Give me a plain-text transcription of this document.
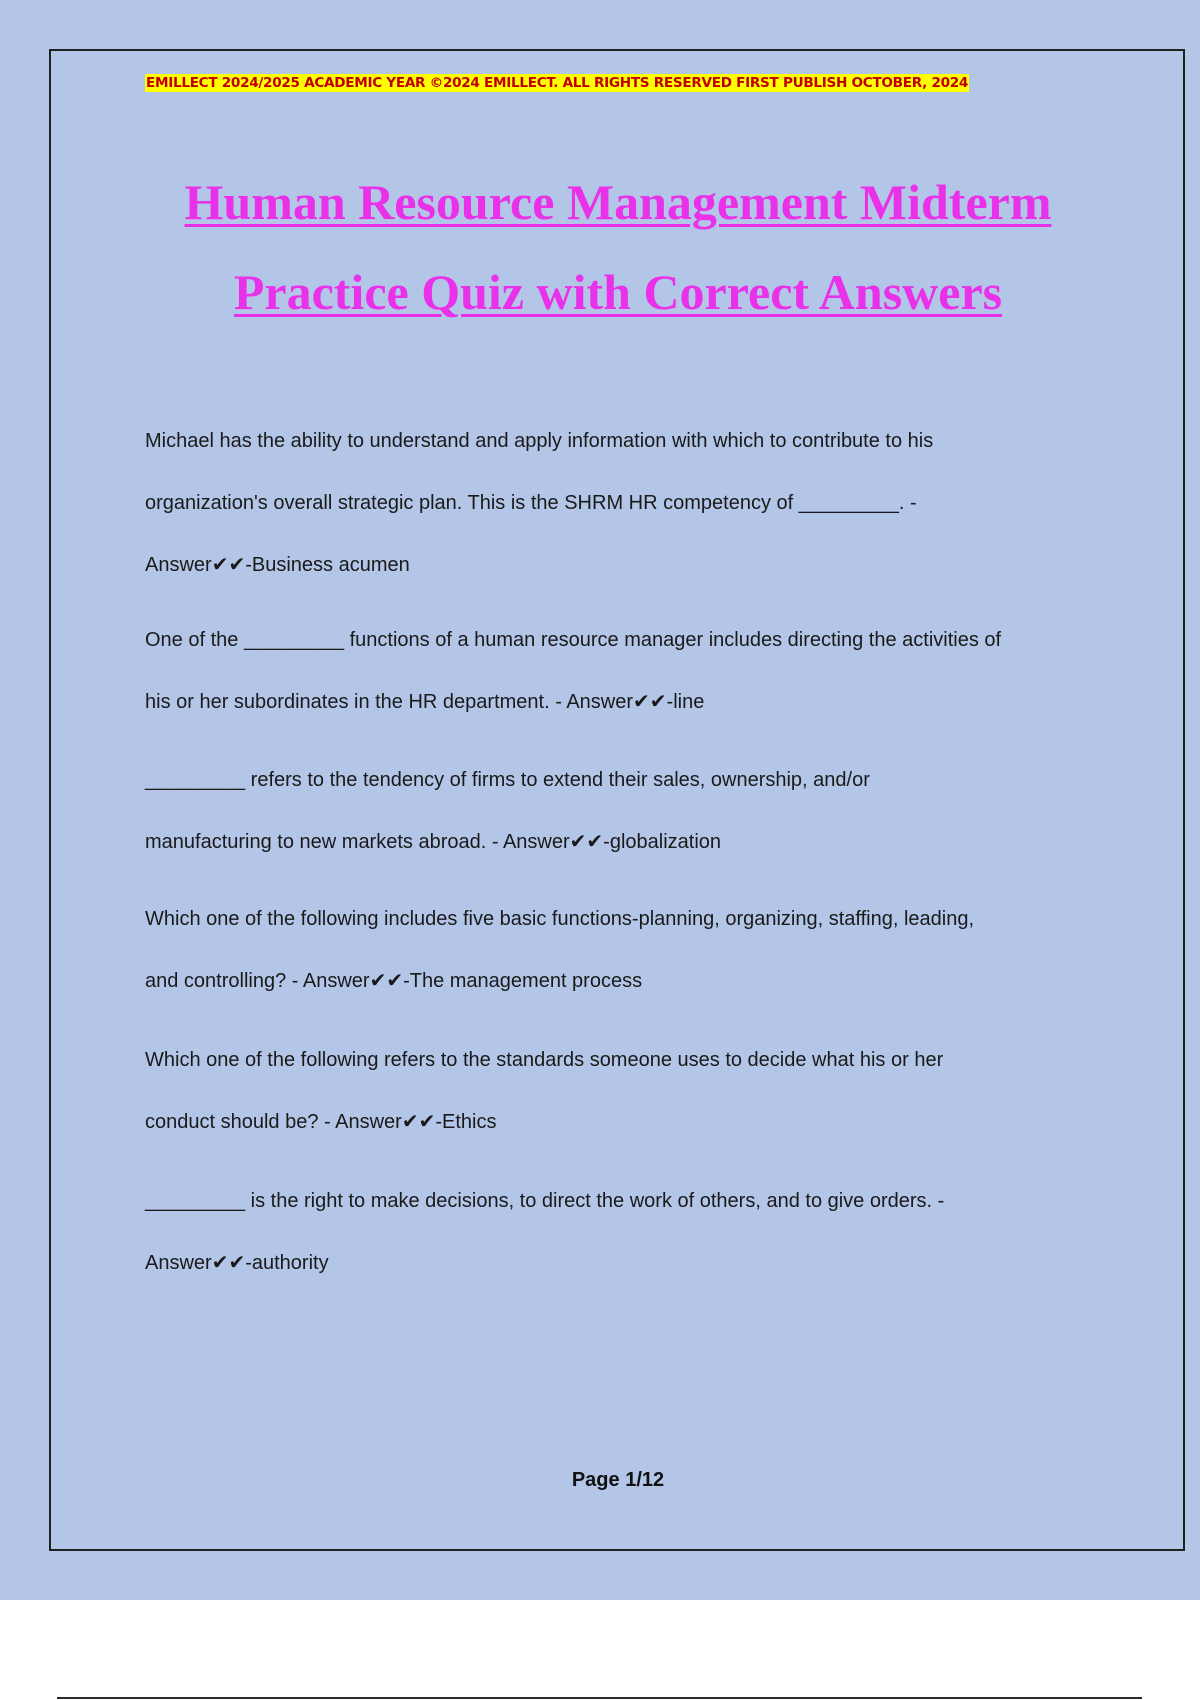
EMILLECT 2024/2025 ACADEMIC YEAR ©2024 EMILLECT. ALL RIGHTS RESERVED FIRST PUBLISH OCTOBER, 2024

Human Resource Management Midterm
Practice Quiz with Correct Answers
Michael has the ability to understand and apply information with which to contribute to his
organization's overall strategic plan. This is the SHRM HR competency of _________. -
Answer✔✔-Business acumen
One of the _________ functions of a human resource manager includes directing the activities of
his or her subordinates in the HR department. - Answer✔✔-line
_________ refers to the tendency of firms to extend their sales, ownership, and/or
manufacturing to new markets abroad. - Answer✔✔-globalization
Which one of the following includes five basic functions-planning, organizing, staffing, leading,
and controlling? - Answer✔✔-The management process
Which one of the following refers to the standards someone uses to decide what his or her
conduct should be? - Answer✔✔-Ethics
_________ is the right to make decisions, to direct the work of others, and to give orders. -
Answer✔✔-authority

Page 1/12
